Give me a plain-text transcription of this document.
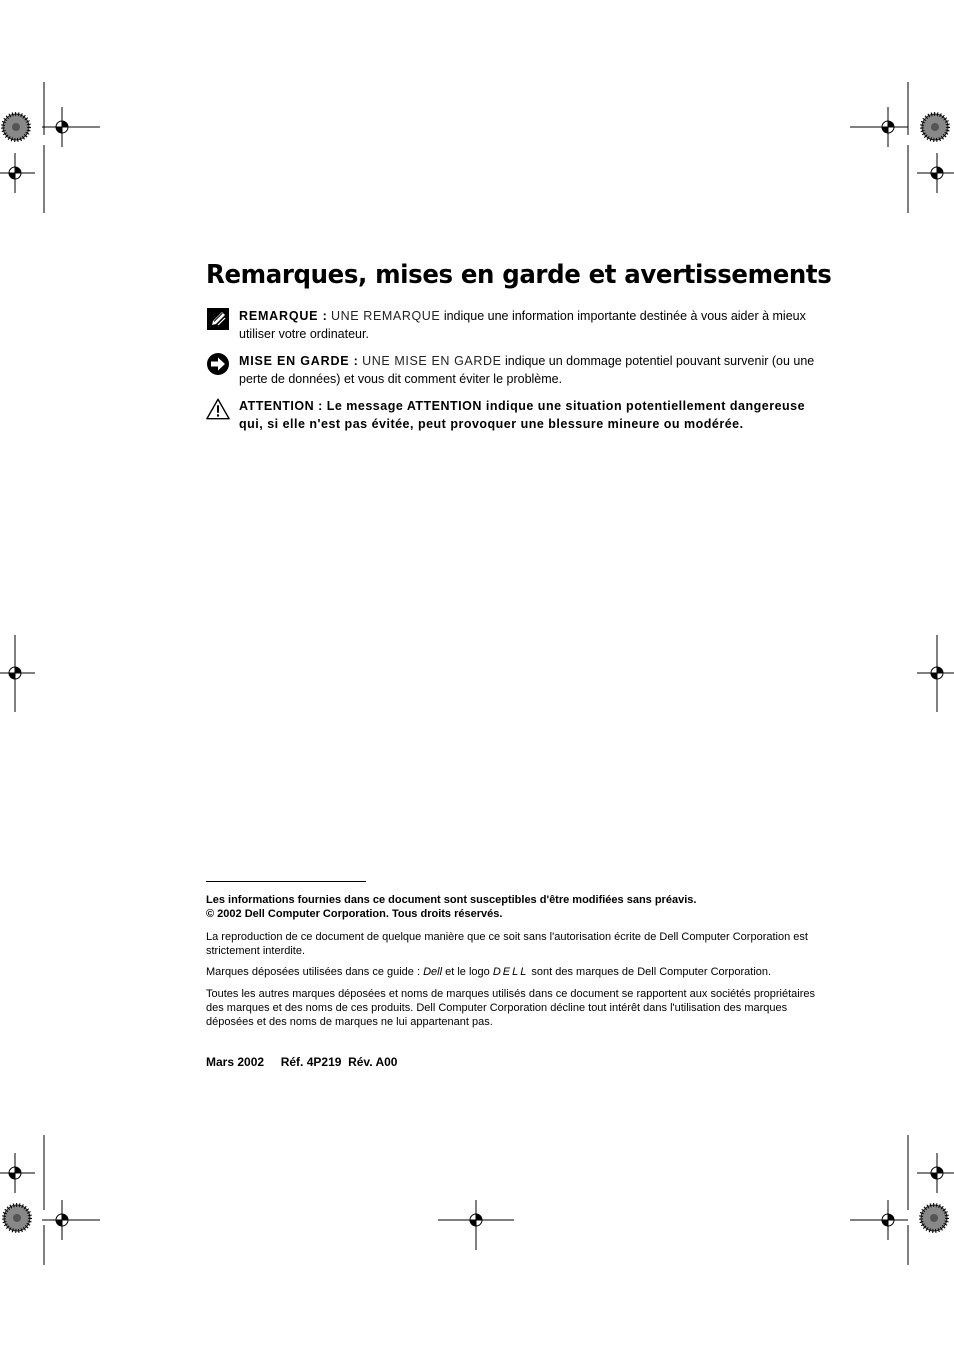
Remarques, mises en garde et avertissements
REMARQUE : UNE REMARQUE indique une information importante destinée à vous aider à mieux utiliser votre ordinateur.
MISE EN GARDE : UNE MISE EN GARDE indique un dommage potentiel pouvant survenir (ou une perte de données) et vous dit comment éviter le problème.
ATTENTION : Le message ATTENTION indique une situation potentiellement dangereuse qui, si elle n'est pas évitée, peut provoquer une blessure mineure ou modérée.
Les informations fournies dans ce document sont susceptibles d'être modifiées sans préavis.
© 2002 Dell Computer Corporation. Tous droits réservés.
La reproduction de ce document de quelque manière que ce soit sans l'autorisation écrite de Dell Computer Corporation est strictement interdite.
Marques déposées utilisées dans ce guide : Dell et le logo DELL sont des marques de Dell Computer Corporation.
Toutes les autres marques déposées et noms de marques utilisés dans ce document se rapportent aux sociétés propriétaires des marques et des noms de ces produits. Dell Computer Corporation décline tout intérêt dans l'utilisation des marques déposées et des noms de marques ne lui appartenant pas.
Mars 2002 Réf. 4P219 Rév. A00
